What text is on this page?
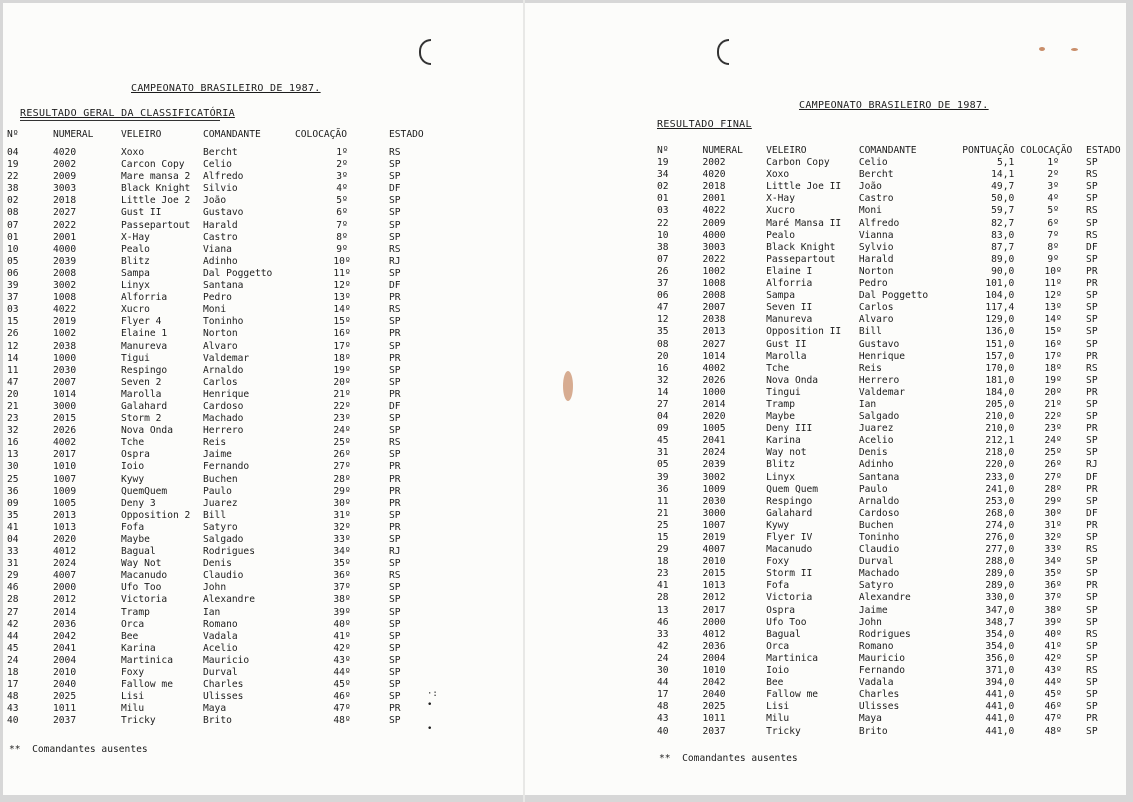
CAMPEONATO BRASILEIRO DE 1987.
RESULTADO GERAL DA CLASSIFICATÓRIA
Nº	NUMERAL	VELEIRO	COMANDANTE	COLOCAÇÃO	ESTADO
04	4020	Xoxo	Bercht	1º	RS
19	2002	Carcon Copy	Celio	2º	SP
22	2009	Mare mansa 2	Alfredo	3º	SP
38	3003	Black Knight	Silvio	4º	DF
02	2018	Little Joe 2	João	5º	SP
08	2027	Gust II	Gustavo	6º	SP
07	2022	Passepartout	Harald	7º	SP
01	2001	X-Hay	Castro	8º	SP
10	4000	Pealo	Viana	9º	RS
05	2039	Blitz	Adinho	10º	RJ
06	2008	Sampa	Dal Poggetto	11º	SP
39	3002	Linyx	Santana	12º	DF
37	1008	Alforria	Pedro	13º	PR
03	4022	Xucro	Moni	14º	RS
15	2019	Flyer 4	Toninho	15º	SP
26	1002	Elaine 1	Norton	16º	PR
12	2038	Manureva	Alvaro	17º	SP
14	1000	Tigui	Valdemar	18º	PR
11	2030	Respingo	Arnaldo	19º	SP
47	2007	Seven 2	Carlos	20º	SP
20	1014	Marolla	Henrique	21º	PR
21	3000	Galahard	Cardoso	22º	DF
23	2015	Storm 2	Machado	23º	SP
32	2026	Nova Onda	Herrero	24º	SP
16	4002	Tche	Reis	25º	RS
13	2017	Ospra	Jaime	26º	SP
30	1010	Ioio	Fernando	27º	PR
25	1007	Kywy	Buchen	28º	PR
36	1009	QuemQuem	Paulo	29º	PR
09	1005	Deny 3	Juarez	30º	PR
35	2013	Opposition 2	Bill	31º	SP
41	1013	Fofa	Satyro	32º	PR
04	2020	Maybe	Salgado	33º	SP
33	4012	Bagual	Rodrigues	34º	RJ
31	2024	Way Not	Denis	35º	SP
29	4007	Macanudo	Claudio	36º	RS
46	2000	Ufo Too	John	37º	SP
28	2012	Victoria	Alexandre	38º	SP
27	2014	Tramp	Ian	39º	SP
42	2036	Orca	Romano	40º	SP
44	2042	Bee	Vadala	41º	SP
45	2041	Karina	Acelio	42º	SP
24	2004	Martinica	Mauricio	43º	SP
18	2010	Foxy	Durval	44º	SP
17	2040	Fallow me	Charles	45º	SP
48	2025	Lisi	Ulisses	46º	SP
43	1011	Milu	Maya	47º	PR
40	2037	Tricky	Brito	48º	SP
·:
•
•
** Comandantes ausentes
CAMPEONATO BRASILEIRO DE 1987.
RESULTADO FINAL
Nº	NUMERAL	VELEIRO	COMANDANTE	PONTUAÇÃO	COLOCAÇÃO	ESTADO
19	2002	Carbon Copy	Celio	5,1	1º	SP
34	4020	Xoxo	Bercht	14,1	2º	RS
02	2018	Little Joe II	João	49,7	3º	SP
01	2001	X-Hay	Castro	50,0	4º	SP
03	4022	Xucro	Moni	59,7	5º	RS
22	2009	Maré Mansa II	Alfredo	82,7	6º	SP
10	4000	Pealo	Vianna	83,0	7º	RS
38	3003	Black Knight	Sylvio	87,7	8º	DF
07	2022	Passepartout	Harald	89,0	9º	SP
26	1002	Elaine I	Norton	90,0	10º	PR
37	1008	Alforria	Pedro	101,0	11º	PR
06	2008	Sampa	Dal Poggetto	104,0	12º	SP
47	2007	Seven II	Carlos	117,4	13º	SP
12	2038	Manureva	Alvaro	129,0	14º	SP
35	2013	Opposition II	Bill	136,0	15º	SP
08	2027	Gust II	Gustavo	151,0	16º	SP
20	1014	Marolla	Henrique	157,0	17º	PR
16	4002	Tche	Reis	170,0	18º	RS
32	2026	Nova Onda	Herrero	181,0	19º	SP
14	1000	Tingui	Valdemar	184,0	20º	PR
27	2014	Tramp	Ian	205,0	21º	SP
04	2020	Maybe	Salgado	210,0	22º	SP
09	1005	Deny III	Juarez	210,0	23º	PR
45	2041	Karina	Acelio	212,1	24º	SP
31	2024	Way not	Denis	218,0	25º	SP
05	2039	Blitz	Adinho	220,0	26º	RJ
39	3002	Linyx	Santana	233,0	27º	DF
36	1009	Quem Quem	Paulo	241,0	28º	PR
11	2030	Respingo	Arnaldo	253,0	29º	SP
21	3000	Galahard	Cardoso	268,0	30º	DF
25	1007	Kywy	Buchen	274,0	31º	PR
15	2019	Flyer IV	Toninho	276,0	32º	SP
29	4007	Macanudo	Claudio	277,0	33º	RS
18	2010	Foxy	Durval	288,0	34º	SP
23	2015	Storm II	Machado	289,0	35º	SP
41	1013	Fofa	Satyro	289,0	36º	PR
28	2012	Victoria	Alexandre	330,0	37º	SP
13	2017	Ospra	Jaime	347,0	38º	SP
46	2000	Ufo Too	John	348,7	39º	SP
33	4012	Bagual	Rodrigues	354,0	40º	RS
42	2036	Orca	Romano	354,0	41º	SP
24	2004	Martinica	Mauricio	356,0	42º	SP
30	1010	Ioio	Fernando	371,0	43º	RS
44	2042	Bee	Vadala	394,0	44º	SP
17	2040	Fallow me	Charles	441,0	45º	SP
48	2025	Lisi	Ulisses	441,0	46º	SP
43	1011	Milu	Maya	441,0	47º	PR
40	2037	Tricky	Brito	441,0	48º	SP
** Comandantes ausentes
